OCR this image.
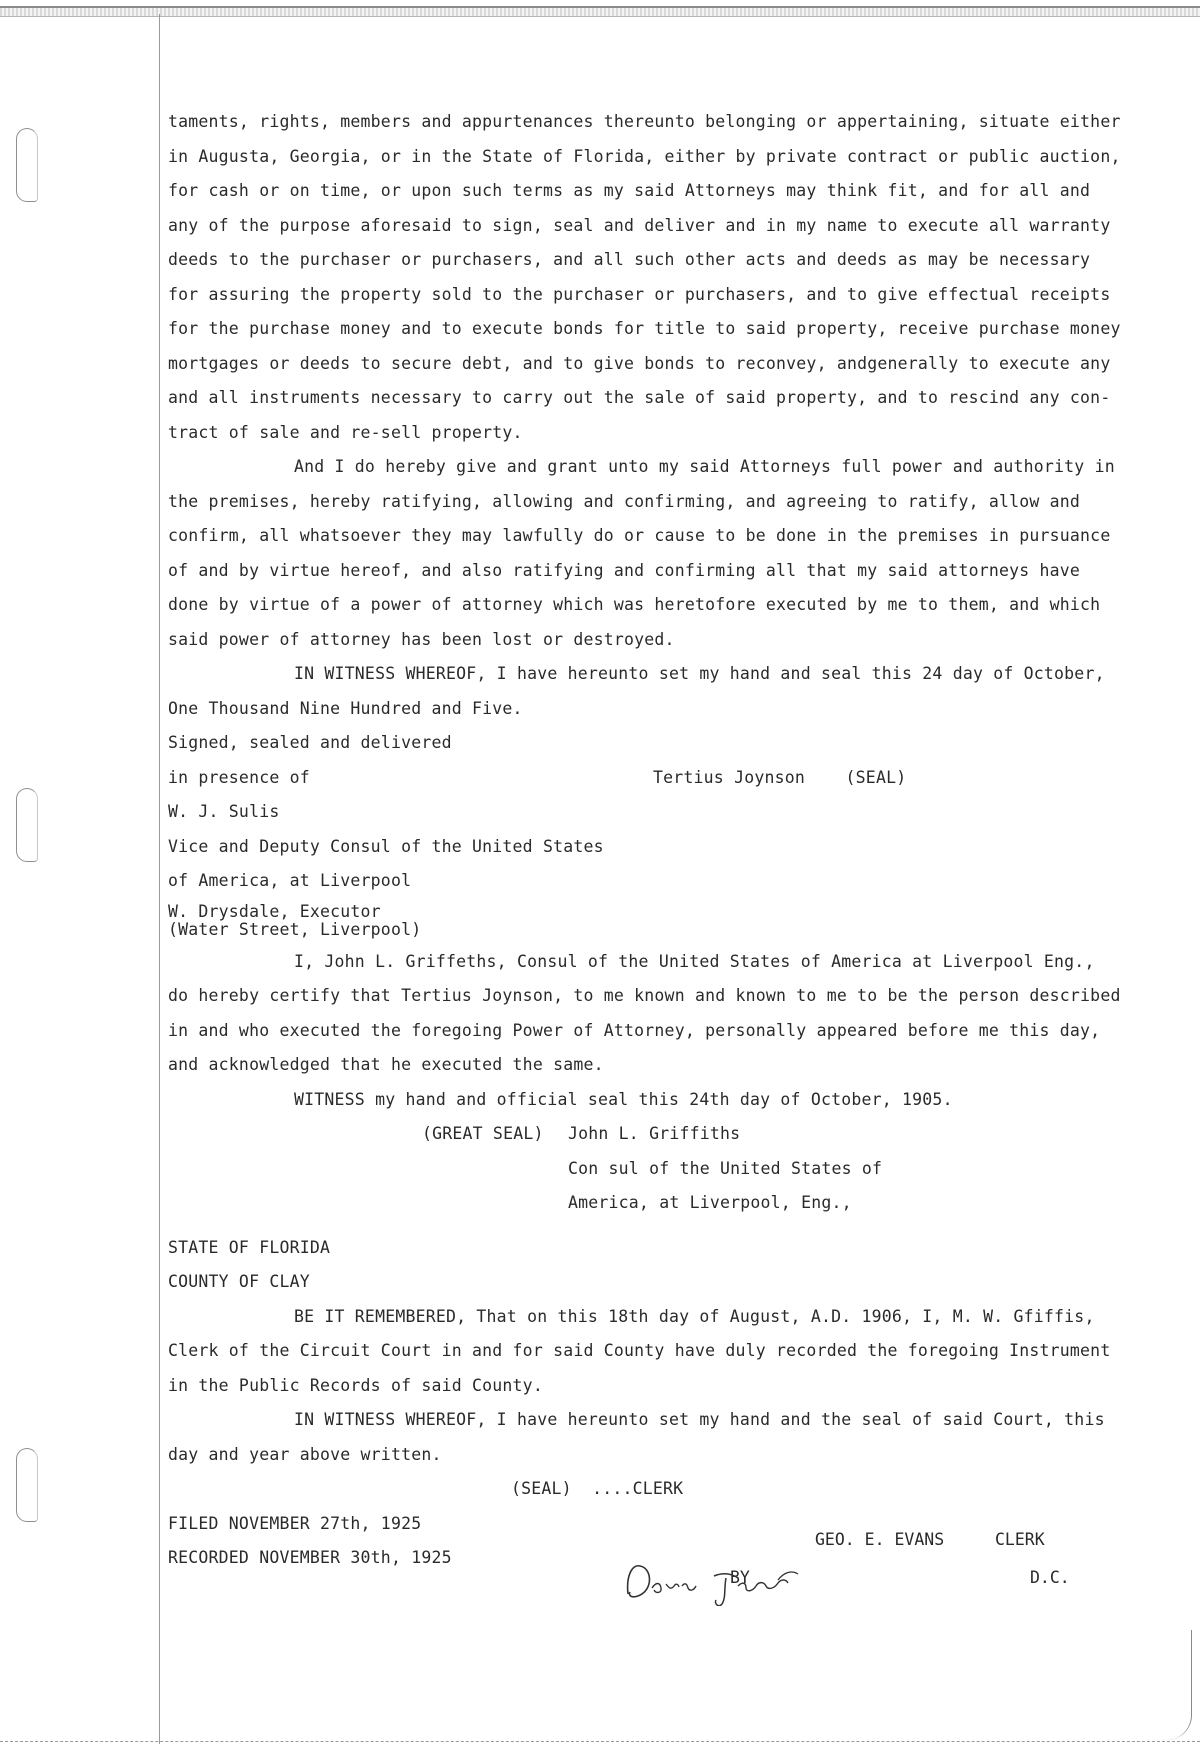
taments, rights, members and appurtenances thereunto belonging or appertaining, situate either
in Augusta, Georgia, or in the State of Florida, either by private contract or public auction,
for cash or on time, or upon such terms as my said Attorneys may think fit, and for all and
any of the purpose aforesaid to sign, seal and deliver and in my name to execute all warranty
deeds to the purchaser or purchasers, and all such other acts and deeds as may be necessary
for assuring the property sold to the purchaser or purchasers, and to give effectual receipts
for the purchase money and to execute bonds for title to said property, receive purchase money
mortgages or deeds to secure debt, and to give bonds to reconvey, andgenerally to execute any
and all instruments necessary to carry out the sale of said property, and to rescind any con-
tract of sale and re-sell property.
And I do hereby give and grant unto my said Attorneys full power and authority in
the premises, hereby ratifying, allowing and confirming, and agreeing to ratify, allow and
confirm, all whatsoever they may lawfully do or cause to be done in the premises in pursuance
of and by virtue hereof, and also ratifying and confirming all that my said attorneys have
done by virtue of a power of attorney which was heretofore executed by me to them, and which
said power of attorney has been lost or destroyed.
IN WITNESS WHEREOF, I have hereunto set my hand and seal this 24 day of October,
One Thousand Nine Hundred and Five.
Signed, sealed and delivered
in presence of	Tertius Joynson    (SEAL)
W. J. Sulis
Vice and Deputy Consul of the United States
of America, at Liverpool
W. Drysdale, Executor
(Water Street, Liverpool)
I, John L. Griffeths, Consul of the United States of America at Liverpool Eng.,
do hereby certify that Tertius Joynson, to me known and known to me to be the person described
in and who executed the foregoing Power of Attorney, personally appeared before me this day,
and acknowledged that he executed the same.
WITNESS my hand and official seal this 24th day of October, 1905.
(GREAT SEAL) John L. Griffiths
Con sul of the United States of
America, at Liverpool, Eng.,
STATE OF FLORIDA
COUNTY OF CLAY
BE IT REMEMBERED, That on this 18th day of August, A.D. 1906, I, M. W. Gfiffis,
Clerk of the Circuit Court in and for said County have duly recorded the foregoing Instrument
in the Public Records of said County.
IN WITNESS WHEREOF, I have hereunto set my hand and the seal of said Court, this
day and year above written.
(SEAL)  ....CLERK
FILED NOVEMBER 27th, 1925
RECORDED NOVEMBER 30th, 1925
GEO. E. EVANS	CLERK
BY	D.C.
